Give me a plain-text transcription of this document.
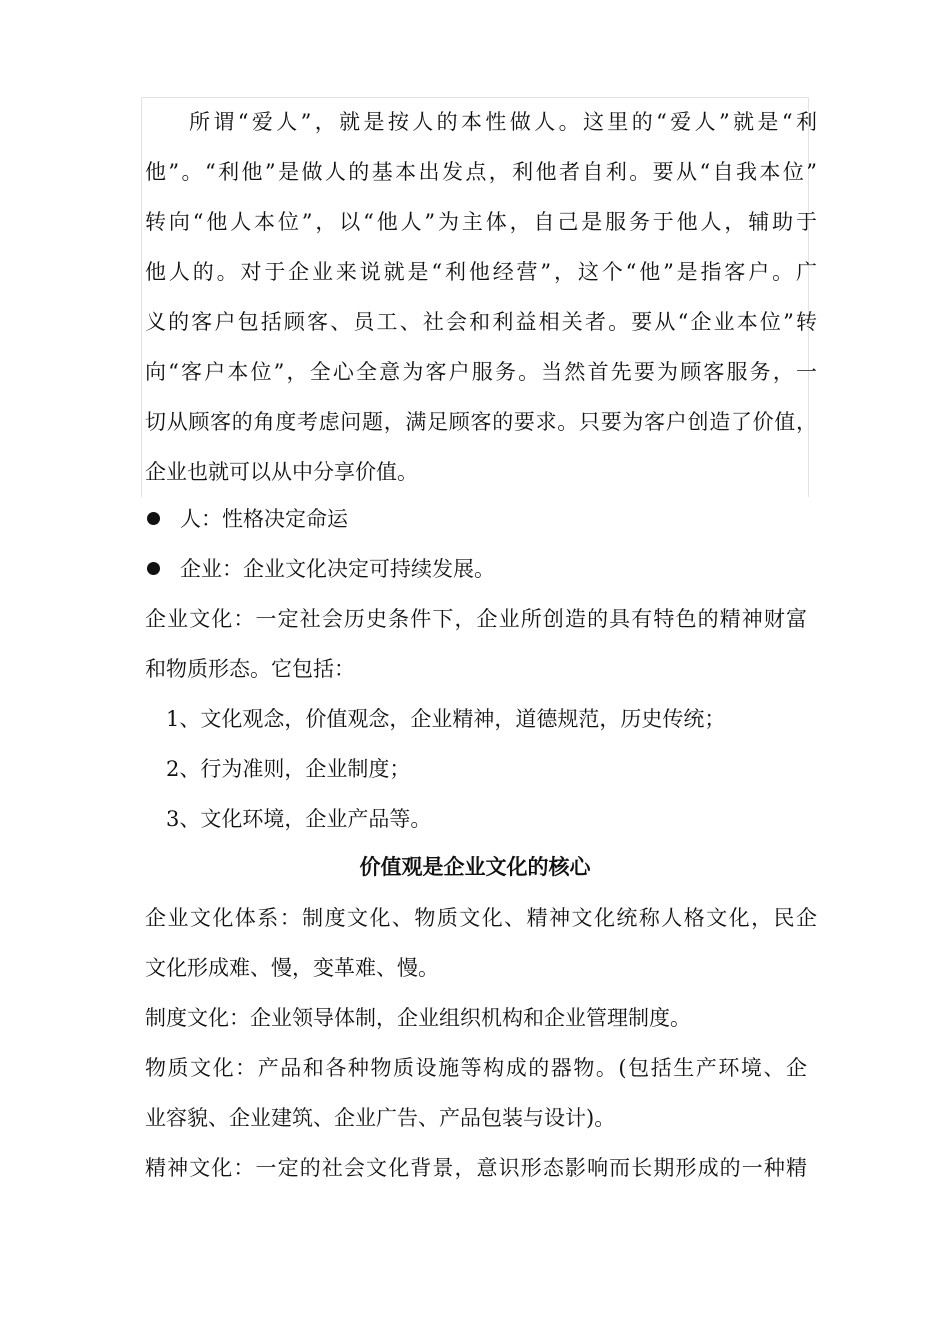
所谓“爱人”，就是按人的本性做人。这里的“爱人”就是“利
他”。“利他”是做人的基本出发点，利他者自利。要从“自我本位”
转向“他人本位”，以“他人”为主体，自己是服务于他人，辅助于
他人的。对于企业来说就是“利他经营”，这个“他”是指客户。广
义的客户包括顾客、员工、社会和利益相关者。要从“企业本位”转
向“客户本位”，全心全意为客户服务。当然首先要为顾客服务，一
切从顾客的角度考虑问题，满足顾客的要求。只要为客户创造了价值，
企业也就可以从中分享价值。
人：性格决定命运
企业：企业文化决定可持续发展。
企业文化：一定社会历史条件下，企业所创造的具有特色的精神财富
和物质形态。它包括：
1、文化观念，价值观念，企业精神，道德规范，历史传统；
2、行为准则，企业制度；
3、文化环境，企业产品等。
价值观是企业文化的核心
企业文化体系：制度文化、物质文化、精神文化统称人格文化，民企
文化形成难、慢，变革难、慢。
制度文化：企业领导体制，企业组织机构和企业管理制度。
物质文化：产品和各种物质设施等构成的器物。(包括生产环境、企
业容貌、企业建筑、企业广告、产品包装与设计)。
精神文化：一定的社会文化背景，意识形态影响而长期形成的一种精
